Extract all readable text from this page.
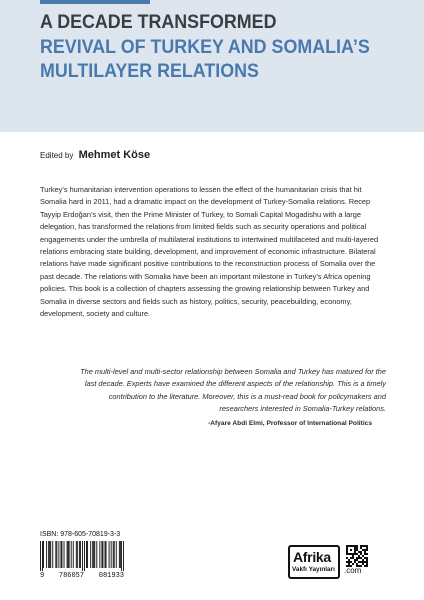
A DECADE TRANSFORMED
REVIVAL OF TURKEY AND SOMALIA’S
MULTILAYER RELATIONS
Edited by Mehmet Köse

Turkey’s humanitarian intervention operations to lessen the effect of the humanitarian crisis that hit Somalia hard in 2011, had a dramatic impact on the development of Turkey-Somalia relations. Recep Tayyip Erdoğan’s visit, then the Prime Minister of Turkey, to Somali Capital Mogadishu with a large delegation, has transformed the relations from limited fields such as security operations and political engagements under the umbrella of multilateral institutions to intertwined multifaceted and multi-layered relations embracing state building, development, and improvement of economic infrastructure. Bilateral relations have made significant positive contributions to the reconstruction process of Somalia over the past decade. The relations with Somalia have been an important milestone in Turkey’s Africa opening policies. This book is a collection of chapters assessing the growing relationship between Turkey and Somalia in diverse sectors and fields such as history, politics, security, peacebuilding, economy, development, society and culture.

The multi-level and multi-sector relationship between Somalia and Turkey has matured for the last decade. Experts have examined the different aspects of the relationship. This is a timely contribution to the literature. Moreover, this is a must-read book for policymakers and researchers interested in Somalia-Turkey relations.

-Afyare Abdi Elmi, Professor of International Politics
ISBN: 978-605-70819-3-3
9 786057 081933
Afrika
Vakfı Yayınları .com
